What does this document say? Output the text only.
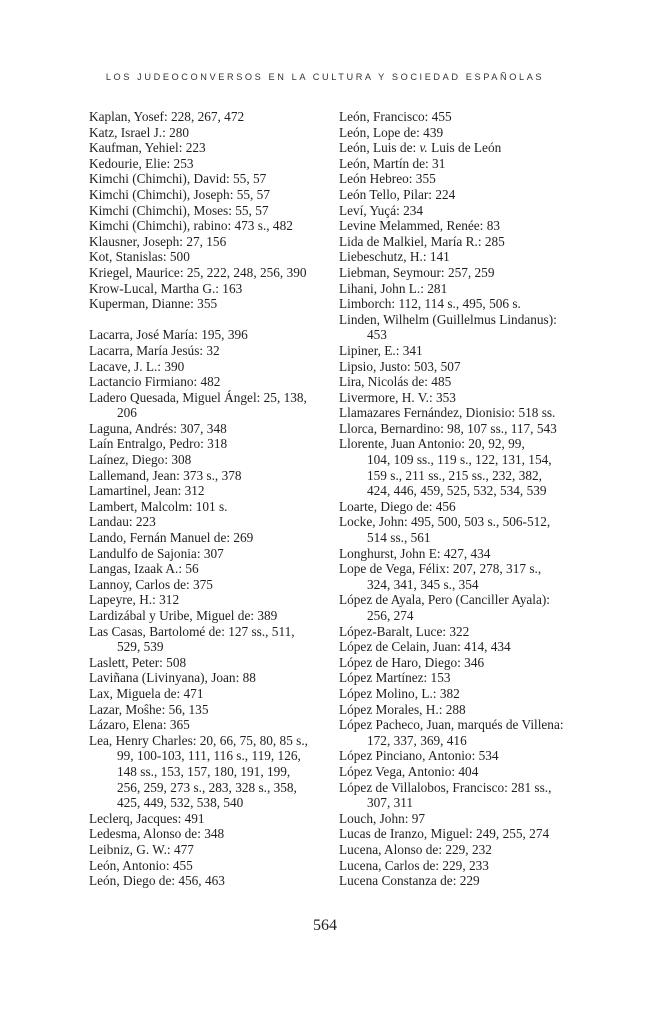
LOS JUDEOCONVERSOS EN LA CULTURA Y SOCIEDAD ESPAÑOLAS
Kaplan, Yosef: 228, 267, 472
Katz, Israel J.: 280
Kaufman, Yehiel: 223
Kedourie, Elie: 253
Kimchi (Chimchi), David: 55, 57
Kimchi (Chimchi), Joseph: 55, 57
Kimchi (Chimchi), Moses: 55, 57
Kimchi (Chimchi), rabino: 473 s., 482
Klausner, Joseph: 27, 156
Kot, Stanislas: 500
Kriegel, Maurice: 25, 222, 248, 256, 390
Krow-Lucal, Martha G.: 163
Kuperman, Dianne: 355
Lacarra, José María: 195, 396
Lacarra, María Jesús: 32
Lacave, J. L.: 390
Lactancio Firmiano: 482
Ladero Quesada, Miguel Ángel: 25, 138,
206
Laguna, Andrés: 307, 348
Laín Entralgo, Pedro: 318
Laínez, Diego: 308
Lallemand, Jean: 373 s., 378
Lamartinel, Jean: 312
Lambert, Malcolm: 101 s.
Landau: 223
Lando, Fernán Manuel de: 269
Landulfo de Sajonia: 307
Langas, Izaak A.: 56
Lannoy, Carlos de: 375
Lapeyre, H.: 312
Lardizábal y Uribe, Miguel de: 389
Las Casas, Bartolomé de: 127 ss., 511,
529, 539
Laslett, Peter: 508
Laviñana (Livinyana), Joan: 88
Lax, Miguela de: 471
Lazar, Moŝhe: 56, 135
Lázaro, Elena: 365
Lea, Henry Charles: 20, 66, 75, 80, 85 s.,
99, 100-103, 111, 116 s., 119, 126,
148 ss., 153, 157, 180, 191, 199,
256, 259, 273 s., 283, 328 s., 358,
425, 449, 532, 538, 540
Leclerq, Jacques: 491
Ledesma, Alonso de: 348
Leibniz, G. W.: 477
León, Antonio: 455
León, Diego de: 456, 463
León, Francisco: 455
León, Lope de: 439
León, Luis de: v. Luis de León
León, Martín de: 31
León Hebreo: 355
León Tello, Pilar: 224
Leví, Yuçá: 234
Levine Melammed, Renée: 83
Lida de Malkiel, María R.: 285
Liebeschutz, H.: 141
Liebman, Seymour: 257, 259
Lihani, John L.: 281
Limborch: 112, 114 s., 495, 506 s.
Linden, Wilhelm (Guillelmus Lindanus):
453
Lipiner, E.: 341
Lipsio, Justo: 503, 507
Lira, Nicolás de: 485
Livermore, H. V.: 353
Llamazares Fernández, Dionisio: 518 ss.
Llorca, Bernardino: 98, 107 ss., 117, 543
Llorente, Juan Antonio: 20, 92, 99,
104, 109 ss., 119 s., 122, 131, 154,
159 s., 211 ss., 215 ss., 232, 382,
424, 446, 459, 525, 532, 534, 539
Loarte, Diego de: 456
Locke, John: 495, 500, 503 s., 506-512,
514 ss., 561
Longhurst, John E: 427, 434
Lope de Vega, Félix: 207, 278, 317 s.,
324, 341, 345 s., 354
López de Ayala, Pero (Canciller Ayala):
256, 274
López-Baralt, Luce: 322
López de Celain, Juan: 414, 434
López de Haro, Diego: 346
López Martínez: 153
López Molino, L.: 382
López Morales, H.: 288
López Pacheco, Juan, marqués de Villena:
172, 337, 369, 416
López Pinciano, Antonio: 534
López Vega, Antonio: 404
López de Villalobos, Francisco: 281 ss.,
307, 311
Louch, John: 97
Lucas de Iranzo, Miguel: 249, 255, 274
Lucena, Alonso de: 229, 232
Lucena, Carlos de: 229, 233
Lucena Constanza de: 229
564
